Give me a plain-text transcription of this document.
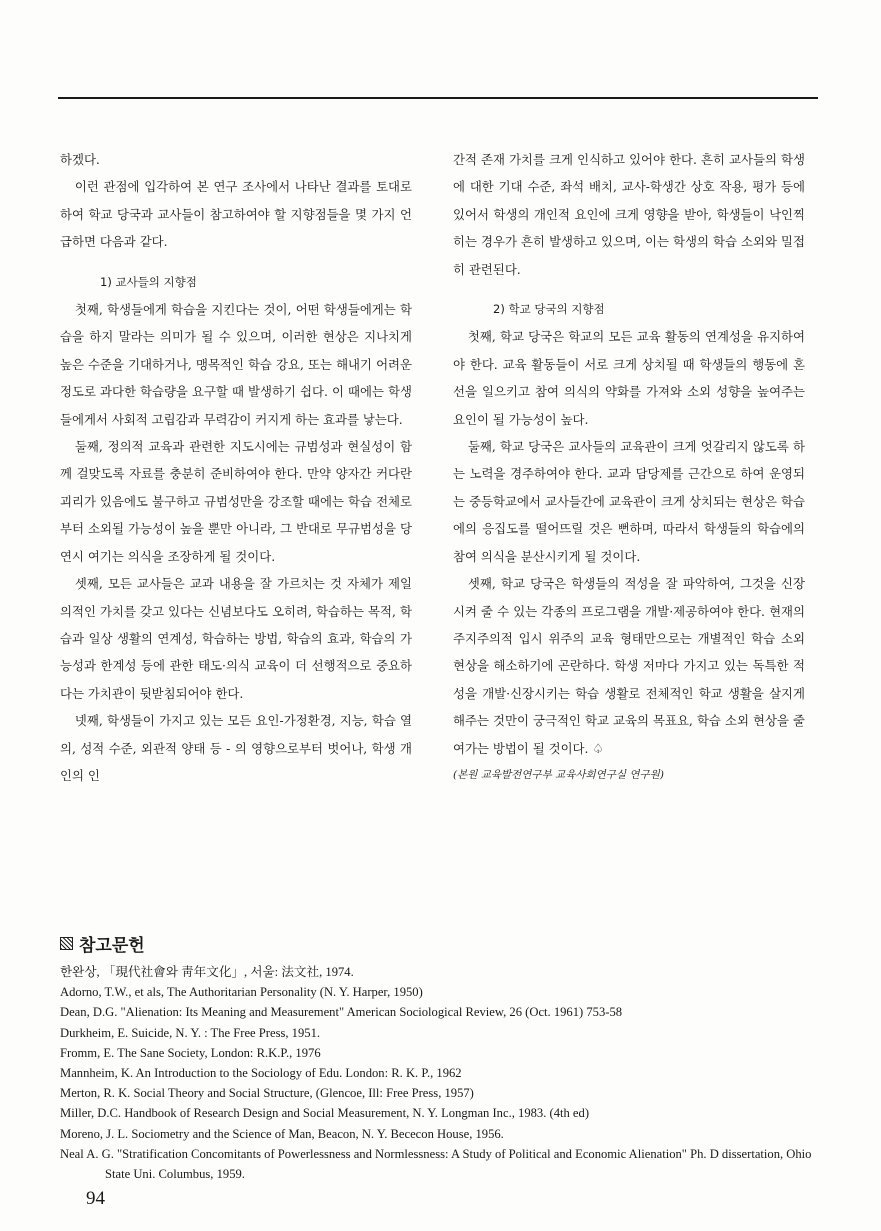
하겠다.

이런 관점에 입각하여 본 연구 조사에서 나타난 결과를 토대로 하여 학교 당국과 교사들이 참고하여야 할 지향점들을 몇 가지 언급하면 다음과 같다.

1) 교사들의 지향점

첫째, 학생들에게 학습을 지킨다는 것이, 어떤 학생들에게는 학습을 하지 말라는 의미가 될 수 있으며, 이러한 현상은 지나치게 높은 수준을 기대하거나, 맹목적인 학습 강요, 또는 해내기 어려운 정도로 과다한 학습량을 요구할 때 발생하기 쉽다. 이 때에는 학생들에게서 사회적 고립감과 무력감이 커지게 하는 효과를 낳는다.

둘째, 정의적 교육과 관련한 지도시에는 규범성과 현실성이 함께 걸맞도록 자료를 충분히 준비하여야 한다. 만약 양자간 커다란 괴리가 있음에도 불구하고 규범성만을 강조할 때에는 학습 전체로부터 소외될 가능성이 높을 뿐만 아니라, 그 반대로 무규범성을 당연시 여기는 의식을 조장하게 될 것이다.

셋째, 모든 교사들은 교과 내용을 잘 가르치는 것 자체가 제일의적인 가치를 갖고 있다는 신념보다도 오히려, 학습하는 목적, 학습과 일상 생활의 연계성, 학습하는 방법, 학습의 효과, 학습의 가능성과 한계성 등에 관한 태도·의식 교육이 더 선행적으로 중요하다는 가치관이 뒷받침되어야 한다.

넷째, 학생들이 가지고 있는 모든 요인-가정환경, 지능, 학습 열의, 성적 수준, 외관적 양태 등 - 의 영향으로부터 벗어나, 학생 개인의 인

간적 존재 가치를 크게 인식하고 있어야 한다. 흔히 교사들의 학생에 대한 기대 수준, 좌석 배치, 교사-학생간 상호 작용, 평가 등에 있어서 학생의 개인적 요인에 크게 영향을 받아, 학생들이 낙인찍히는 경우가 흔히 발생하고 있으며, 이는 학생의 학습 소외와 밀접히 관련된다.

2) 학교 당국의 지향점

첫째, 학교 당국은 학교의 모든 교육 활동의 연계성을 유지하여야 한다. 교육 활동들이 서로 크게 상치될 때 학생들의 행동에 혼선을 일으키고 참여 의식의 약화를 가져와 소외 성향을 높여주는 요인이 될 가능성이 높다.

둘째, 학교 당국은 교사들의 교육관이 크게 엇갈리지 않도록 하는 노력을 경주하여야 한다. 교과 담당제를 근간으로 하여 운영되는 중등학교에서 교사들간에 교육관이 크게 상치되는 현상은 학습에의 응집도를 떨어뜨릴 것은 뻔하며, 따라서 학생들의 학습에의 참여 의식을 분산시키게 될 것이다.

셋째, 학교 당국은 학생들의 적성을 잘 파악하여, 그것을 신장시켜 줄 수 있는 각종의 프로그램을 개발·제공하여야 한다. 현재의 주지주의적 입시 위주의 교육 형태만으로는 개별적인 학습 소외 현상을 해소하기에 곤란하다. 학생 저마다 가지고 있는 독특한 적성을 개발·신장시키는 학습 생활로 전체적인 학교 생활을 살지게 해주는 것만이 궁극적인 학교 교육의 목표요, 학습 소외 현상을 줄여가는 방법이 될 것이다. ♤

(본원 교육발전연구부 교육사회연구실 연구원)

참고문헌
한완상, 「現代社會와 靑年文化」, 서울: 法文社, 1974.
Adorno, T.W., et als, The Authoritarian Personality (N. Y. Harper, 1950)
Dean, D.G. "Alienation: Its Meaning and Measurement" American Sociological Review, 26 (Oct. 1961) 753-58
Durkheim, E. Suicide, N. Y. : The Free Press, 1951.
Fromm, E. The Sane Society, London: R.K.P., 1976
Mannheim, K. An Introduction to the Sociology of Edu. London: R. K. P., 1962
Merton, R. K. Social Theory and Social Structure, (Glencoe, Ill: Free Press, 1957)
Miller, D.C. Handbook of Research Design and Social Measurement, N. Y. Longman Inc., 1983. (4th ed)
Moreno, J. L. Sociometry and the Science of Man, Beacon, N. Y. Bececon House, 1956.
Neal A. G. "Stratification Concomitants of Powerlessness and Normlessness: A Study of Political and Economic Alienation" Ph. D dissertation, Ohio State Uni. Columbus, 1959.
94
